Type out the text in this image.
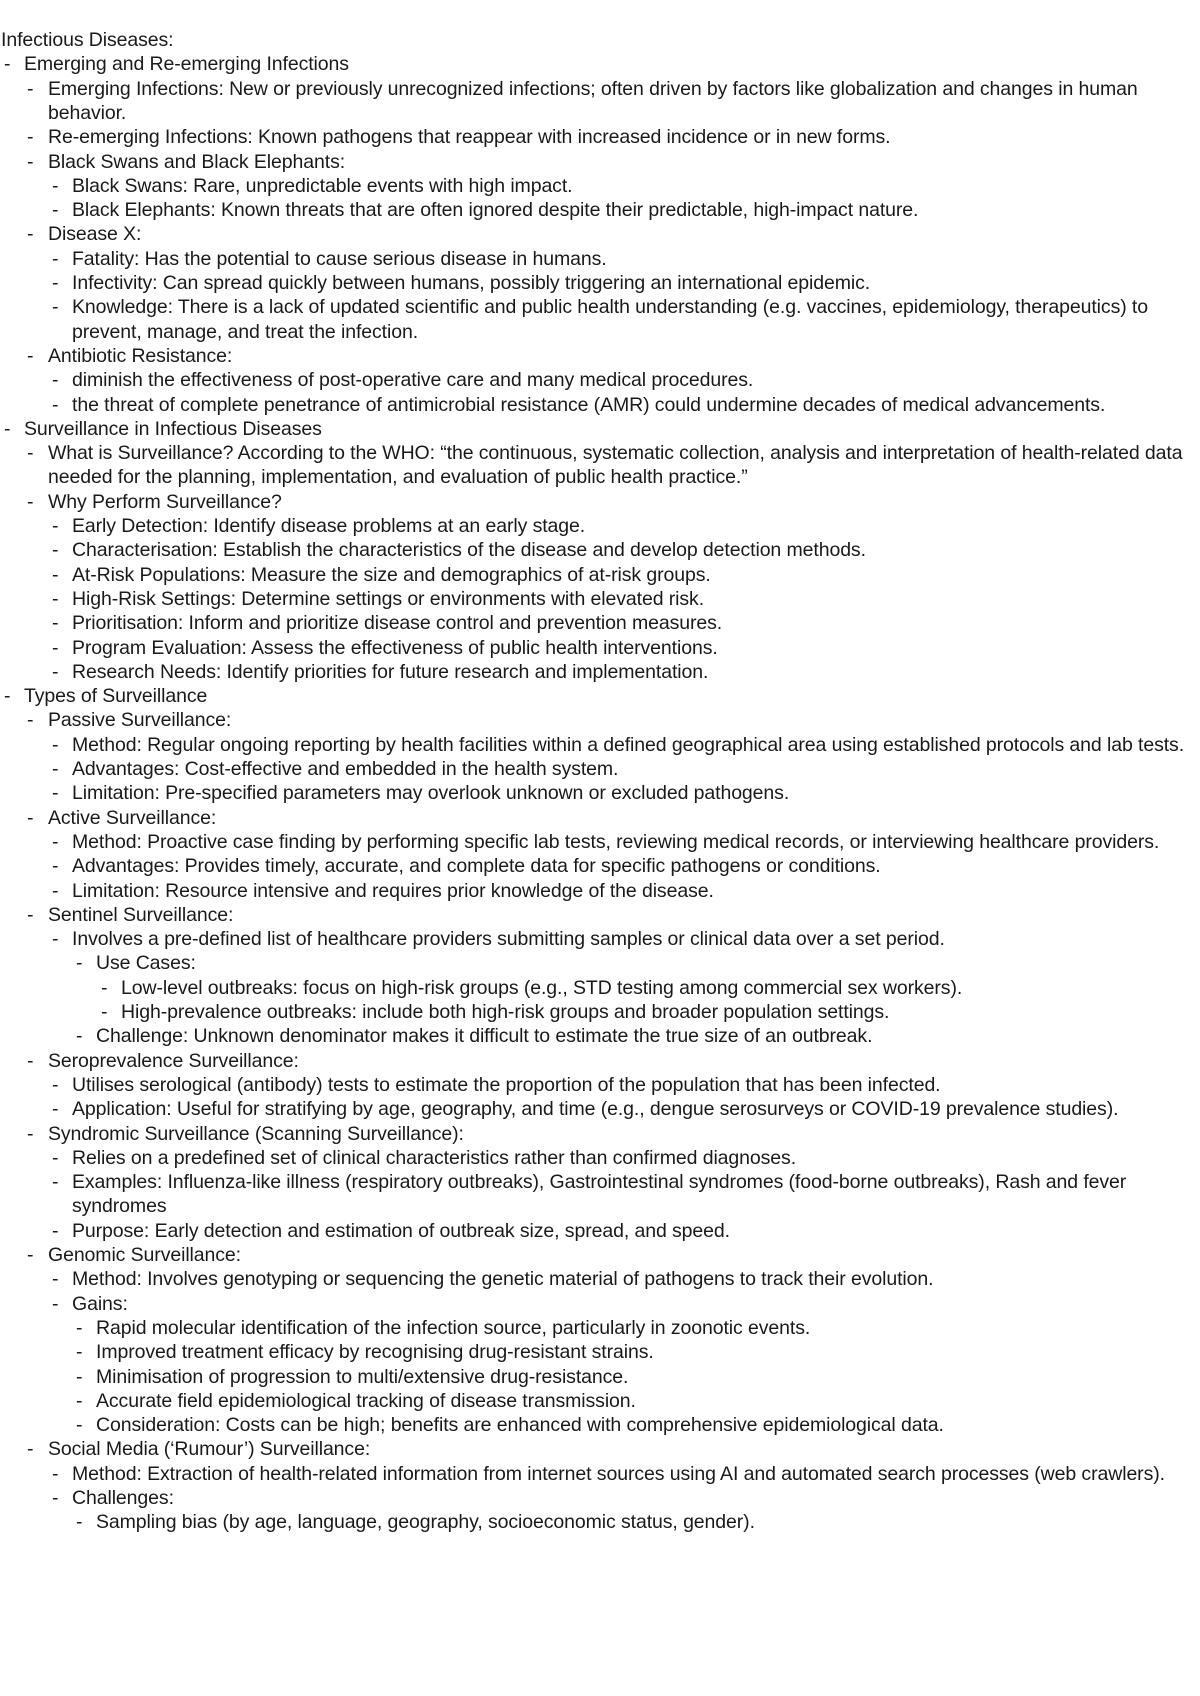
Infectious Diseases:
- Emerging and Re-emerging Infections
- Emerging Infections: New or previously unrecognized infections; often driven by factors like globalization and changes in human behavior.
- Re-emerging Infections: Known pathogens that reappear with increased incidence or in new forms.
- Black Swans and Black Elephants:
- Black Swans: Rare, unpredictable events with high impact.
- Black Elephants: Known threats that are often ignored despite their predictable, high-impact nature.
- Disease X:
- Fatality: Has the potential to cause serious disease in humans.
- Infectivity: Can spread quickly between humans, possibly triggering an international epidemic.
- Knowledge: There is a lack of updated scientific and public health understanding (e.g. vaccines, epidemiology, therapeutics) to prevent, manage, and treat the infection.
- Antibiotic Resistance:
- diminish the effectiveness of post-operative care and many medical procedures.
- the threat of complete penetrance of antimicrobial resistance (AMR) could undermine decades of medical advancements.
- Surveillance in Infectious Diseases
- What is Surveillance? According to the WHO: “the continuous, systematic collection, analysis and interpretation of health-related data needed for the planning, implementation, and evaluation of public health practice.”
- Why Perform Surveillance?
- Early Detection: Identify disease problems at an early stage.
- Characterisation: Establish the characteristics of the disease and develop detection methods.
- At-Risk Populations: Measure the size and demographics of at-risk groups.
- High-Risk Settings: Determine settings or environments with elevated risk.
- Prioritisation: Inform and prioritize disease control and prevention measures.
- Program Evaluation: Assess the effectiveness of public health interventions.
- Research Needs: Identify priorities for future research and implementation.
- Types of Surveillance
- Passive Surveillance:
- Method: Regular ongoing reporting by health facilities within a defined geographical area using established protocols and lab tests.
- Advantages: Cost-effective and embedded in the health system.
- Limitation: Pre-specified parameters may overlook unknown or excluded pathogens.
- Active Surveillance:
- Method: Proactive case finding by performing specific lab tests, reviewing medical records, or interviewing healthcare providers.
- Advantages: Provides timely, accurate, and complete data for specific pathogens or conditions.
- Limitation: Resource intensive and requires prior knowledge of the disease.
- Sentinel Surveillance:
- Involves a pre-defined list of healthcare providers submitting samples or clinical data over a set period.
- Use Cases:
- Low-level outbreaks: focus on high-risk groups (e.g., STD testing among commercial sex workers).
- High-prevalence outbreaks: include both high-risk groups and broader population settings.
- Challenge: Unknown denominator makes it difficult to estimate the true size of an outbreak.
- Seroprevalence Surveillance:
- Utilises serological (antibody) tests to estimate the proportion of the population that has been infected.
- Application: Useful for stratifying by age, geography, and time (e.g., dengue serosurveys or COVID-19 prevalence studies).
- Syndromic Surveillance (Scanning Surveillance):
- Relies on a predefined set of clinical characteristics rather than confirmed diagnoses.
- Examples: Influenza-like illness (respiratory outbreaks), Gastrointestinal syndromes (food-borne outbreaks), Rash and fever syndromes
- Purpose: Early detection and estimation of outbreak size, spread, and speed.
- Genomic Surveillance:
- Method: Involves genotyping or sequencing the genetic material of pathogens to track their evolution.
- Gains:
- Rapid molecular identification of the infection source, particularly in zoonotic events.
- Improved treatment efficacy by recognising drug-resistant strains.
- Minimisation of progression to multi/extensive drug-resistance.
- Accurate field epidemiological tracking of disease transmission.
- Consideration: Costs can be high; benefits are enhanced with comprehensive epidemiological data.
- Social Media (‘Rumour’) Surveillance:
- Method: Extraction of health-related information from internet sources using AI and automated search processes (web crawlers).
- Challenges:
- Sampling bias (by age, language, geography, socioeconomic status, gender).
